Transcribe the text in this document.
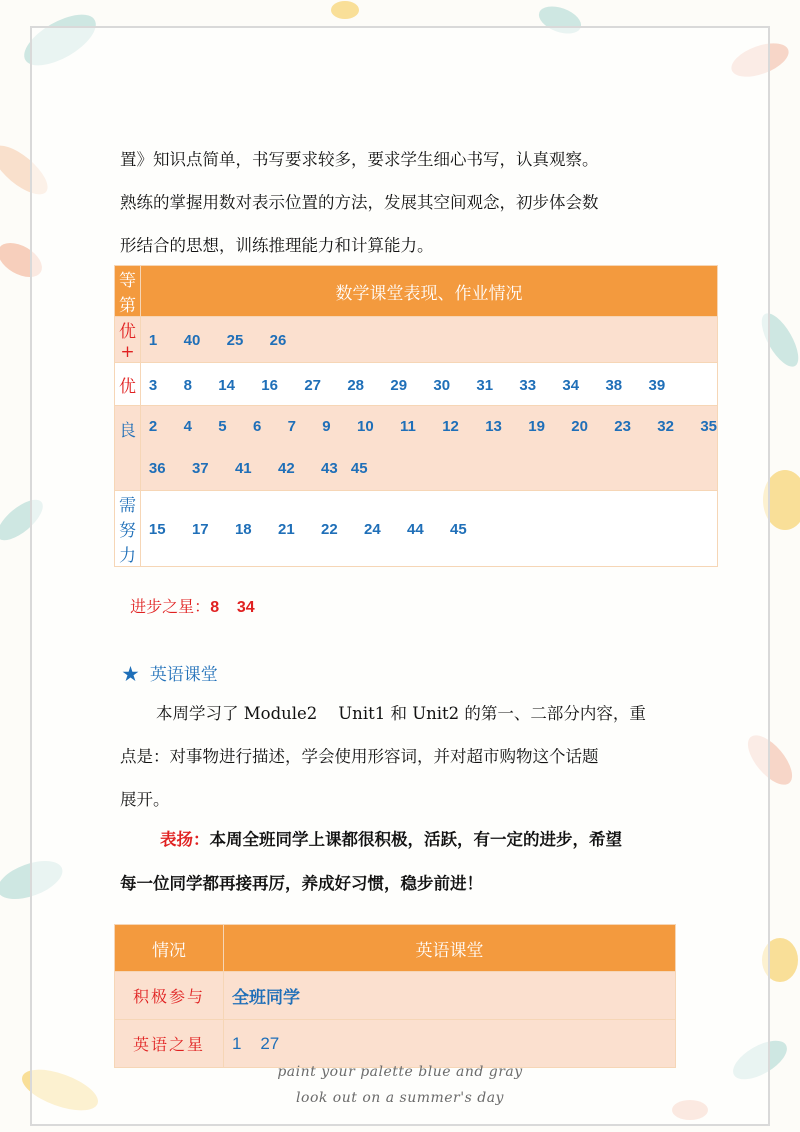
置》知识点简单，书写要求较多，要求学生细心书写，认真观察。

熟练的掌握用数对表示位置的方法，发展其空间观念，初步体会数

形结合的思想，训练推理能力和计算能力。

等第	数学课堂表现、作业情况
优+	1  40  25  26
优	3  8  14  16  27  28  29  30  31  33  34  38  39
良	2  4  5  6  7  9  10  11  12  13  19  20  23  32  35
36  37  41  42  43 45

需努力	15  17  18  21  22  24  44  45

进步之星：8    34

★ 英语课堂

本周学习了 Module2    Unit1 和 Unit2 的第一、二部分内容，重

点是：对事物进行描述，学会使用形容词，并对超市购物这个话题

展开。

表扬：本周全班同学上课都很积极，活跃，有一定的进步，希望
每一位同学都再接再厉，养成好习惯，稳步前进！
情况	英语课堂
积极参与	全班同学
英语之星	1    27
paint your palette blue and gray
look out on a summer's day
